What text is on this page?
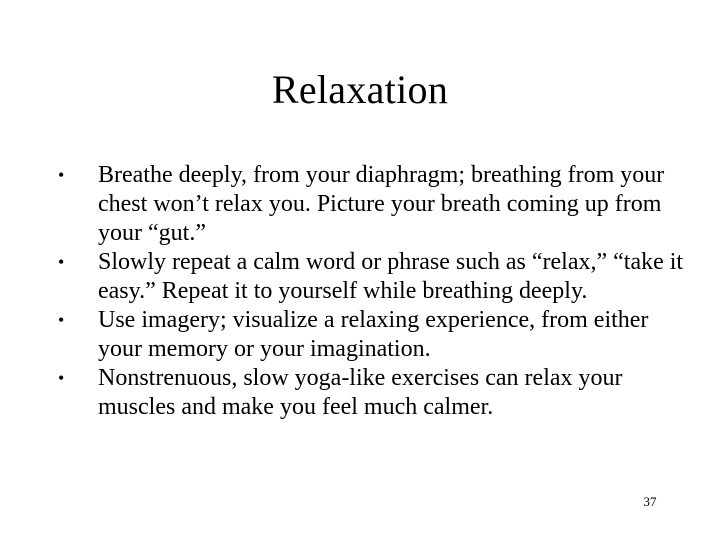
Relaxation
•	Breathe deeply, from your diaphragm; breathing from your chest won’t relax you. Picture your breath coming up from your “gut.”
•	Slowly repeat a calm word or phrase such as “relax,” “take it easy.” Repeat it to yourself while breathing deeply.
•	Use imagery; visualize a relaxing experience, from either your memory or your imagination.
•	Nonstrenuous, slow yoga-like exercises can relax your muscles and make you feel much calmer.
37
